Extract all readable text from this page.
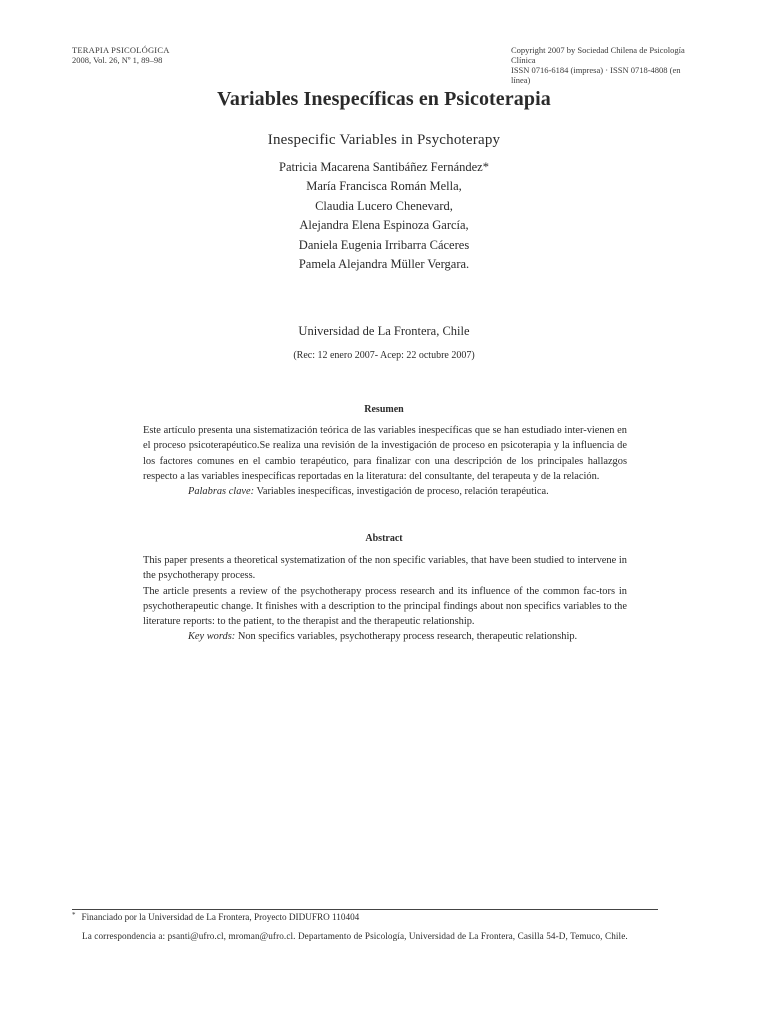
TERAPIA PSICOLÓGICA
2008, Vol. 26, Nº 1, 89–98
Copyright 2007 by Sociedad Chilena de Psicología Clínica
ISSN 0716-6184 (impresa) · ISSN 0718-4808 (en línea)
Variables Inespecíficas en Psicoterapia
Inespecific Variables in Psychoterapy
Patricia Macarena Santibáñez Fernández*
María Francisca Román Mella,
Claudia Lucero Chenevard,
Alejandra Elena Espinoza García,
Daniela Eugenia Irribarra Cáceres
Pamela Alejandra Müller Vergara.
Universidad de La Frontera, Chile
(Rec: 12 enero 2007- Acep: 22 octubre 2007)
Resumen
Este artículo presenta una sistematización teórica de las variables inespecíficas que se han estudiado inter-vienen en el proceso psicoterapéutico.Se realiza una revisión de la investigación de proceso en psicoterapia y la influencia de los factores comunes en el cambio terapéutico, para finalizar con una descripción de los principales hallazgos respecto a las variables inespecíficas reportadas en la literatura: del consultante, del terapeuta y de la relación.
Palabras clave: Variables inespecíficas, investigación de proceso, relación terapéutica.
Abstract
This paper presents a theoretical systematization of the non specific variables, that have been studied to intervene in the psychotherapy process.
The article presents a review of the psychotherapy process research and its influence of the common fac-tors in psychotherapeutic change. It finishes with a description to the principal findings about non specifics variables to the literature reports: to the patient, to the therapist and the therapeutic relationship.
Key words: Non specifics variables, psychotherapy process research, therapeutic relationship.
* Financiado por la Universidad de La Frontera, Proyecto DIDUFRO 110404
La correspondencia a: psanti@ufro.cl, mroman@ufro.cl. Departamento de Psicología, Universidad de La Frontera, Casilla 54-D, Temuco, Chile.
